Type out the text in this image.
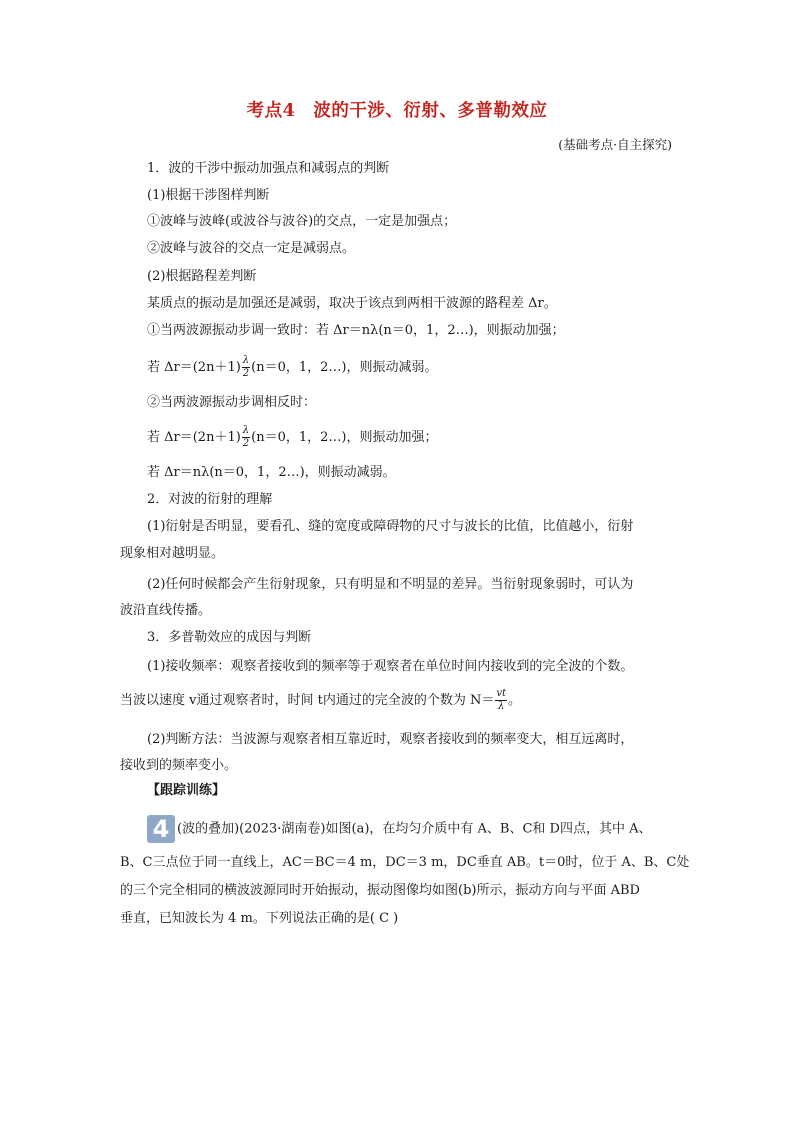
考点4　波的干涉、衍射、多普勒效应
(基础考点·自主探究)
1．波的干涉中振动加强点和减弱点的判断
(1)根据干涉图样判断
①波峰与波峰(或波谷与波谷)的交点，一定是加强点；
②波峰与波谷的交点一定是减弱点。
(2)根据路程差判断
某质点的振动是加强还是减弱，取决于该点到两相干波源的路程差 Δr。
①当两波源振动步调一致时：若 Δr＝nλ(n＝0，1，2…)，则振动加强；
若 $\Delta r=(2n+1) \frac{\lambda}{2} (n=0$，1，2…)，则振动减弱。
②当两波源振动步调相反时：
若 $\Delta r=(2n+1) \frac{\lambda}{2} (n=0$，1，2…)，则振动加强；
若 Δr＝nλ(n＝0，1，2…)，则振动减弱。
2．对波的衍射的理解
(1)衍射是否明显，要看孔、缝的宽度或障碍物的尺寸与波长的比值，比值越小，衍射
现象相对越明显。
(2)任何时候都会产生衍射现象，只有明显和不明显的差异。当衍射现象弱时，可认为
波沿直线传播。
3．多普勒效应的成因与判断
(1)接收频率：观察者接收到的频率等于观察者在单位时间内接收到的完全波的个数。
当波以速度 v通过观察者时，时间 t内通过的完全波的个数为 $N= \frac{vt}{\lambda}$ 。
(2)判断方法：当波源与观察者相互靠近时，观察者接收到的频率变大，相互远离时，
接收到的频率变小。
【跟踪训练】
4 (波的叠加)(2023·湖南卷)如图(a)，在均匀介质中有 A、B、C和 D四点，其中 A、
B、C三点位于同一直线上，AC＝BC＝4 m，DC＝3 m，DC垂直 AB。t＝0时，位于 A、B、C处
的三个完全相同的横波波源同时开始振动，振动图像均如图(b)所示，振动方向与平面 ABD
垂直，已知波长为 4 m。下列说法正确的是( C )
